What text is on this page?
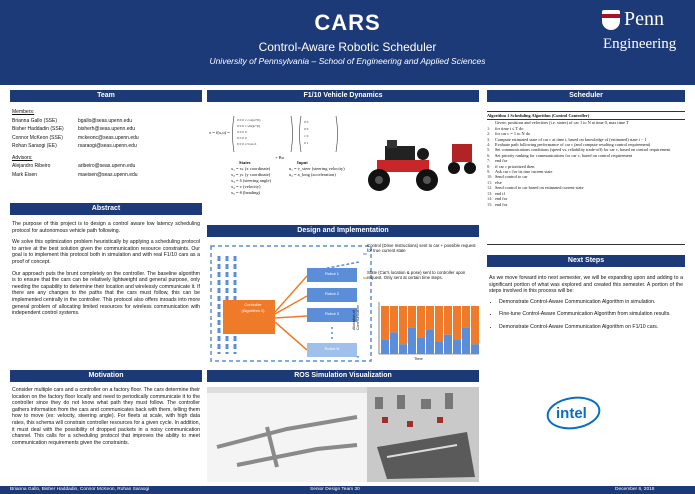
CARS
Control-Aware Robotic Scheduler
University of Pennsylvania – School of Engineering and Applied Sciences
Penn
Engineering
Team	F1/10 Vehicle Dynamics	Scheduler
Abstract
Design and Implementation
Next Steps
Motivation	ROS Simulation Visualization
Members:
Brianna Gallo (SSE)	bgallo@seas.upenn.edu
Bisher Haddadin (SSE)	bisherh@seas.upenn.edu
Connor McKeon (SSE)	mckeonc@seas.upenn.edu
Rohan Saraogi (EE)	rsaraogi@seas.upenn.edu
Advisors:
Alejandro Ribeiro	aribeiro@seas.upenn.edu
Mark Eisen	maeisen@seas.upenn.edu

The purpose of this project is to design a control aware low latency scheduling protocol for autonomous vehicle path following.

We solve this optimization problem heuristically by applying a scheduling protocol to arrive at the best solution given the communication resource constraints. Our goal is to implement this protocol both in simulation and with real F1/10 cars as a proof of concept.

Our approach puts the brunt completely on the controller. The baseline algorithm is to ensure that the cars can be relatively lightweight and general purpose, only needing the capability to determine their location and wirelessly communicate it. If there are any changes to the paths that the cars must follow, this can be implemented centrally in the controller. This protocol also offers inroads into more general problem of allocating limited resources for wireless communication with independent control systems.

Consider multiple cars and a controller on a factory floor. The cars determine their location on the factory floor locally and need to periodically communicate it to the controller since they do not know what path they must follow. The controller gathers information from the cars and communicates back with them, telling them how to move (ex: velocity, steering angle). For fleets at scale, with high data rates, this schema will constrain controller resources for a given cycle. In addition, it must deal with the possibility of dropped packets in a noisy communication channel. This calls for a scheduling protocol that improves the ability to meet communication requirements given the constraints.
ẋ = f(x,u) =
0 0 0 v cos(ψ+β)
0 0 0 v sin(ψ+β)
0 0 0 0
0 0 0 0
0 0 0 v/l tan δ
0 0
0 0
1 0
0 1
+ Bu
States	Input
x₁ = xₖ (x coordinate)
x₂ = yₖ (y coordinate)
x₃ = δ (steering angle)
x₄ = v (velocity)
x₅ = θ (heading)
u₁ = v_steer (steering velocity)
u₂ = a_long (acceleration)
Algorithm 1 Scheduling Algorithm (Control Controller)
Given: positions and velocities (i.e. states) of car 1 to N at time 0, max time T
1:	for time t ≤ T do
2:	for car c = 1 to N do
3:	Compute estimated state of car c at time t, based on knowledge of (estimated) state t − 1
4:	Evaluate path following performance of car c (and compute resulting control requirement)
5:	Set communications conditions (speed vs. reliability trade-off) for car c, based on control requirement
6:	Set priority ranking for communications for car c, based on control requirement
7:	end for
8:	if car c prioritized then
9:	Ask car c for its true current state
10: Send control to car
11: else
12: Send control to car based on estimated current state
13: end if
14: end for
15: end for
Controller
(Algorithm 1)
Robot 1
Robot 2
Robot 3
Robot N
Control (Drive Instructions) sent to car + possible request for true current state
State (Car's location & pose) sent to controller upon request. Only sent at certain time steps.
Allocation of Communication
Time
As we move forward into next semester, we will be expanding upon and adding to a significant portion of what was explored and created this semester. A portion of the steps involved in this process will be:
• Demonstrate Control-Aware Communication Algorithm in simulation.
• Fine-tune Control-Aware Communication Algorithm from simulation results.
• Demonstrate Control-Aware Communication Algorithm on F1/10 cars.
intel
Brianna Gallo, Bisher Haddadin, Connor McKeon, Rohan Saraogi	Senior Design Team 30	December 6, 2018
